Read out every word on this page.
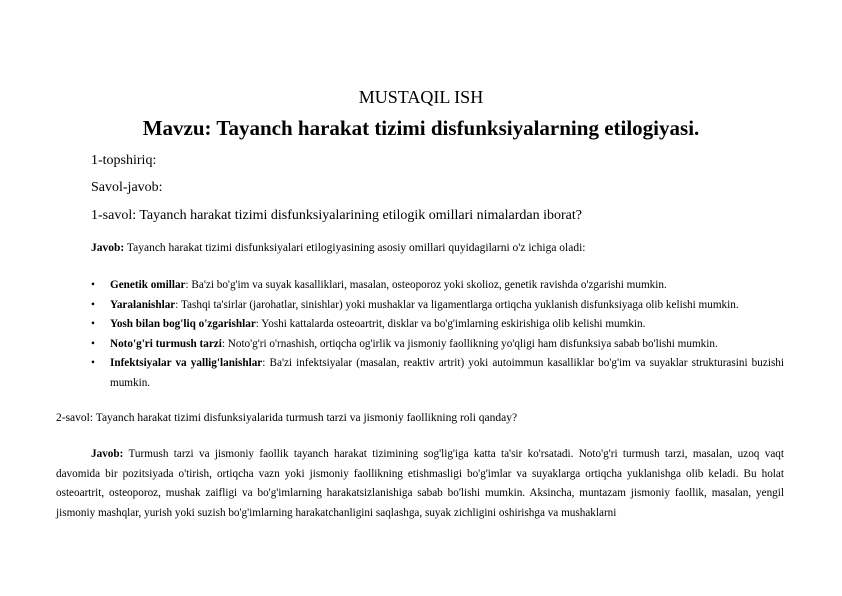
MUSTAQIL ISH

Mavzu: Tayanch harakat tizimi disfunksiyalarning etilogiyasi.

1-topshiriq:

Savol-javob:

1-savol: Tayanch harakat tizimi disfunksiyalarining etilogik omillari nimalardan iborat?

Javob: Tayanch harakat tizimi disfunksiyalari etilogiyasining asosiy omillari quyidagilarni o'z ichiga oladi:

• Genetik omillar: Ba'zi bo'g'im va suyak kasalliklari, masalan, osteoporoz yoki skolioz, genetik ravishda o'zgarishi mumkin.
• Yaralanishlar: Tashqi ta'sirlar (jarohatlar, sinishlar) yoki mushaklar va ligamentlarga ortiqcha yuklanish disfunksiyaga olib kelishi mumkin.
• Yosh bilan bog'liq o'zgarishlar: Yoshi kattalarda osteoartrit, disklar va bo'g'imlarning eskirishiga olib kelishi mumkin.
• Noto'g'ri turmush tarzi: Noto'g'ri o'rnashish, ortiqcha og'irlik va jismoniy faollikning yo'qligi ham disfunksiya sabab bo'lishi mumkin.
• Infektsiyalar va yallig'lanishlar: Ba'zi infektsiyalar (masalan, reaktiv artrit) yoki autoimmun kasalliklar bo'g'im va suyaklar strukturasini buzishi mumkin.

2-savol: Tayanch harakat tizimi disfunksiyalarida turmush tarzi va jismoniy faollikning roli qanday?

Javob: Turmush tarzi va jismoniy faollik tayanch harakat tizimining sog'lig'iga katta ta'sir ko'rsatadi. Noto'g'ri turmush tarzi, masalan, uzoq vaqt davomida bir pozitsiyada o'tirish, ortiqcha vazn yoki jismoniy faollikning etishmasligi bo'g'imlar va suyaklarga ortiqcha yuklanishga olib keladi. Bu holat osteoartrit, osteoporoz, mushak zaifligi va bo'g'imlarning harakatsizlanishiga sabab bo'lishi mumkin. Aksincha, muntazam jismoniy faollik, masalan, yengil jismoniy mashqlar, yurish yoki suzish bo'g'imlarning harakatchanligini saqlashga, suyak zichligini oshirishga va mushaklarni
